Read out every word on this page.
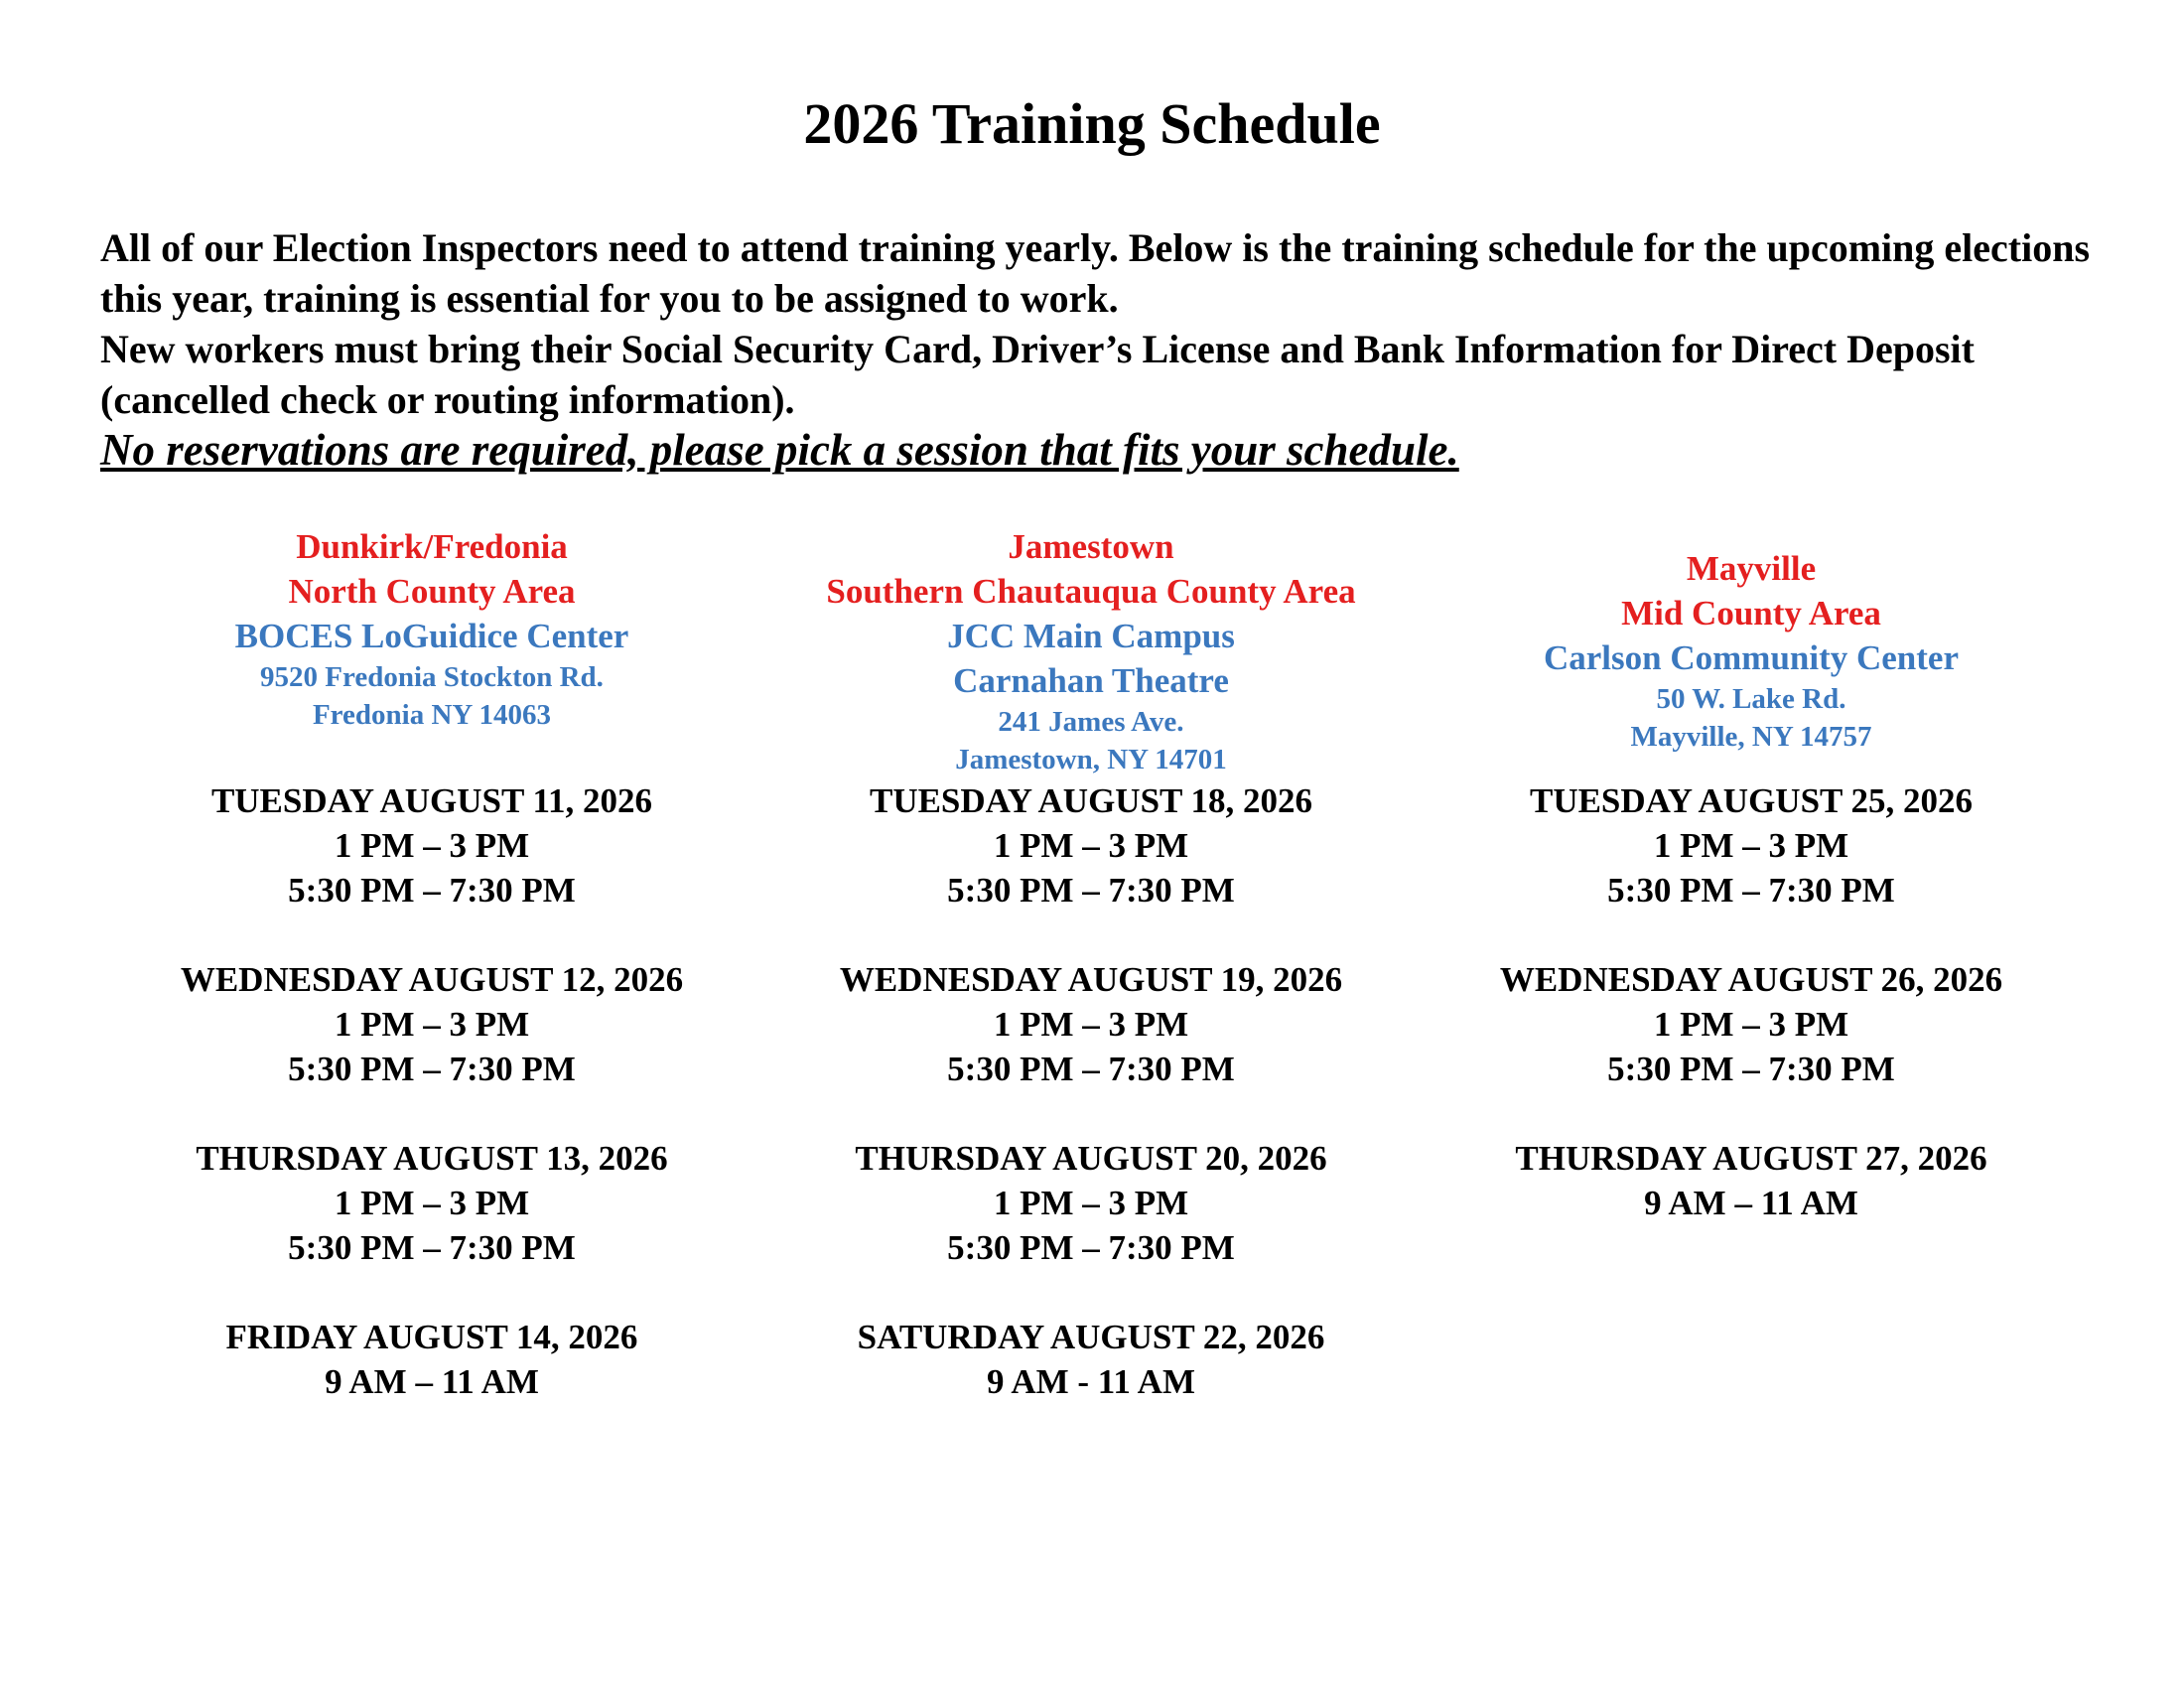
2026 Training Schedule

All of our Election Inspectors need to attend training yearly. Below is the training schedule for the upcoming elections this year, training is essential for you to be assigned to work.

New workers must bring their Social Security Card, Driver’s License and Bank Information for Direct Deposit (cancelled check or routing information).

No reservations are required, please pick a session that fits your schedule.
Dunkirk/Fredonia
North County Area
BOCES LoGuidice Center
9520 Fredonia Stockton Rd.
Fredonia NY 14063
Jamestown
Southern Chautauqua County Area
JCC Main Campus
Carnahan Theatre
241 James Ave.
Jamestown, NY 14701
Mayville
Mid County Area
Carlson Community Center
50 W. Lake Rd.
Mayville, NY 14757
TUESDAY AUGUST 11, 2026
1 PM – 3 PM
5:30 PM – 7:30 PM
WEDNESDAY AUGUST 12, 2026
1 PM – 3 PM
5:30 PM – 7:30 PM
THURSDAY AUGUST 13, 2026
1 PM – 3 PM
5:30 PM – 7:30 PM
FRIDAY AUGUST 14, 2026
9 AM – 11 AM
TUESDAY AUGUST 18, 2026
1 PM – 3 PM
5:30 PM – 7:30 PM
WEDNESDAY AUGUST 19, 2026
1 PM – 3 PM
5:30 PM – 7:30 PM
THURSDAY AUGUST 20, 2026
1 PM – 3 PM
5:30 PM – 7:30 PM
SATURDAY AUGUST 22, 2026
9 AM - 11 AM
TUESDAY AUGUST 25, 2026
1 PM – 3 PM
5:30 PM – 7:30 PM
WEDNESDAY AUGUST 26, 2026
1 PM – 3 PM
5:30 PM – 7:30 PM
THURSDAY AUGUST 27, 2026
9 AM – 11 AM
